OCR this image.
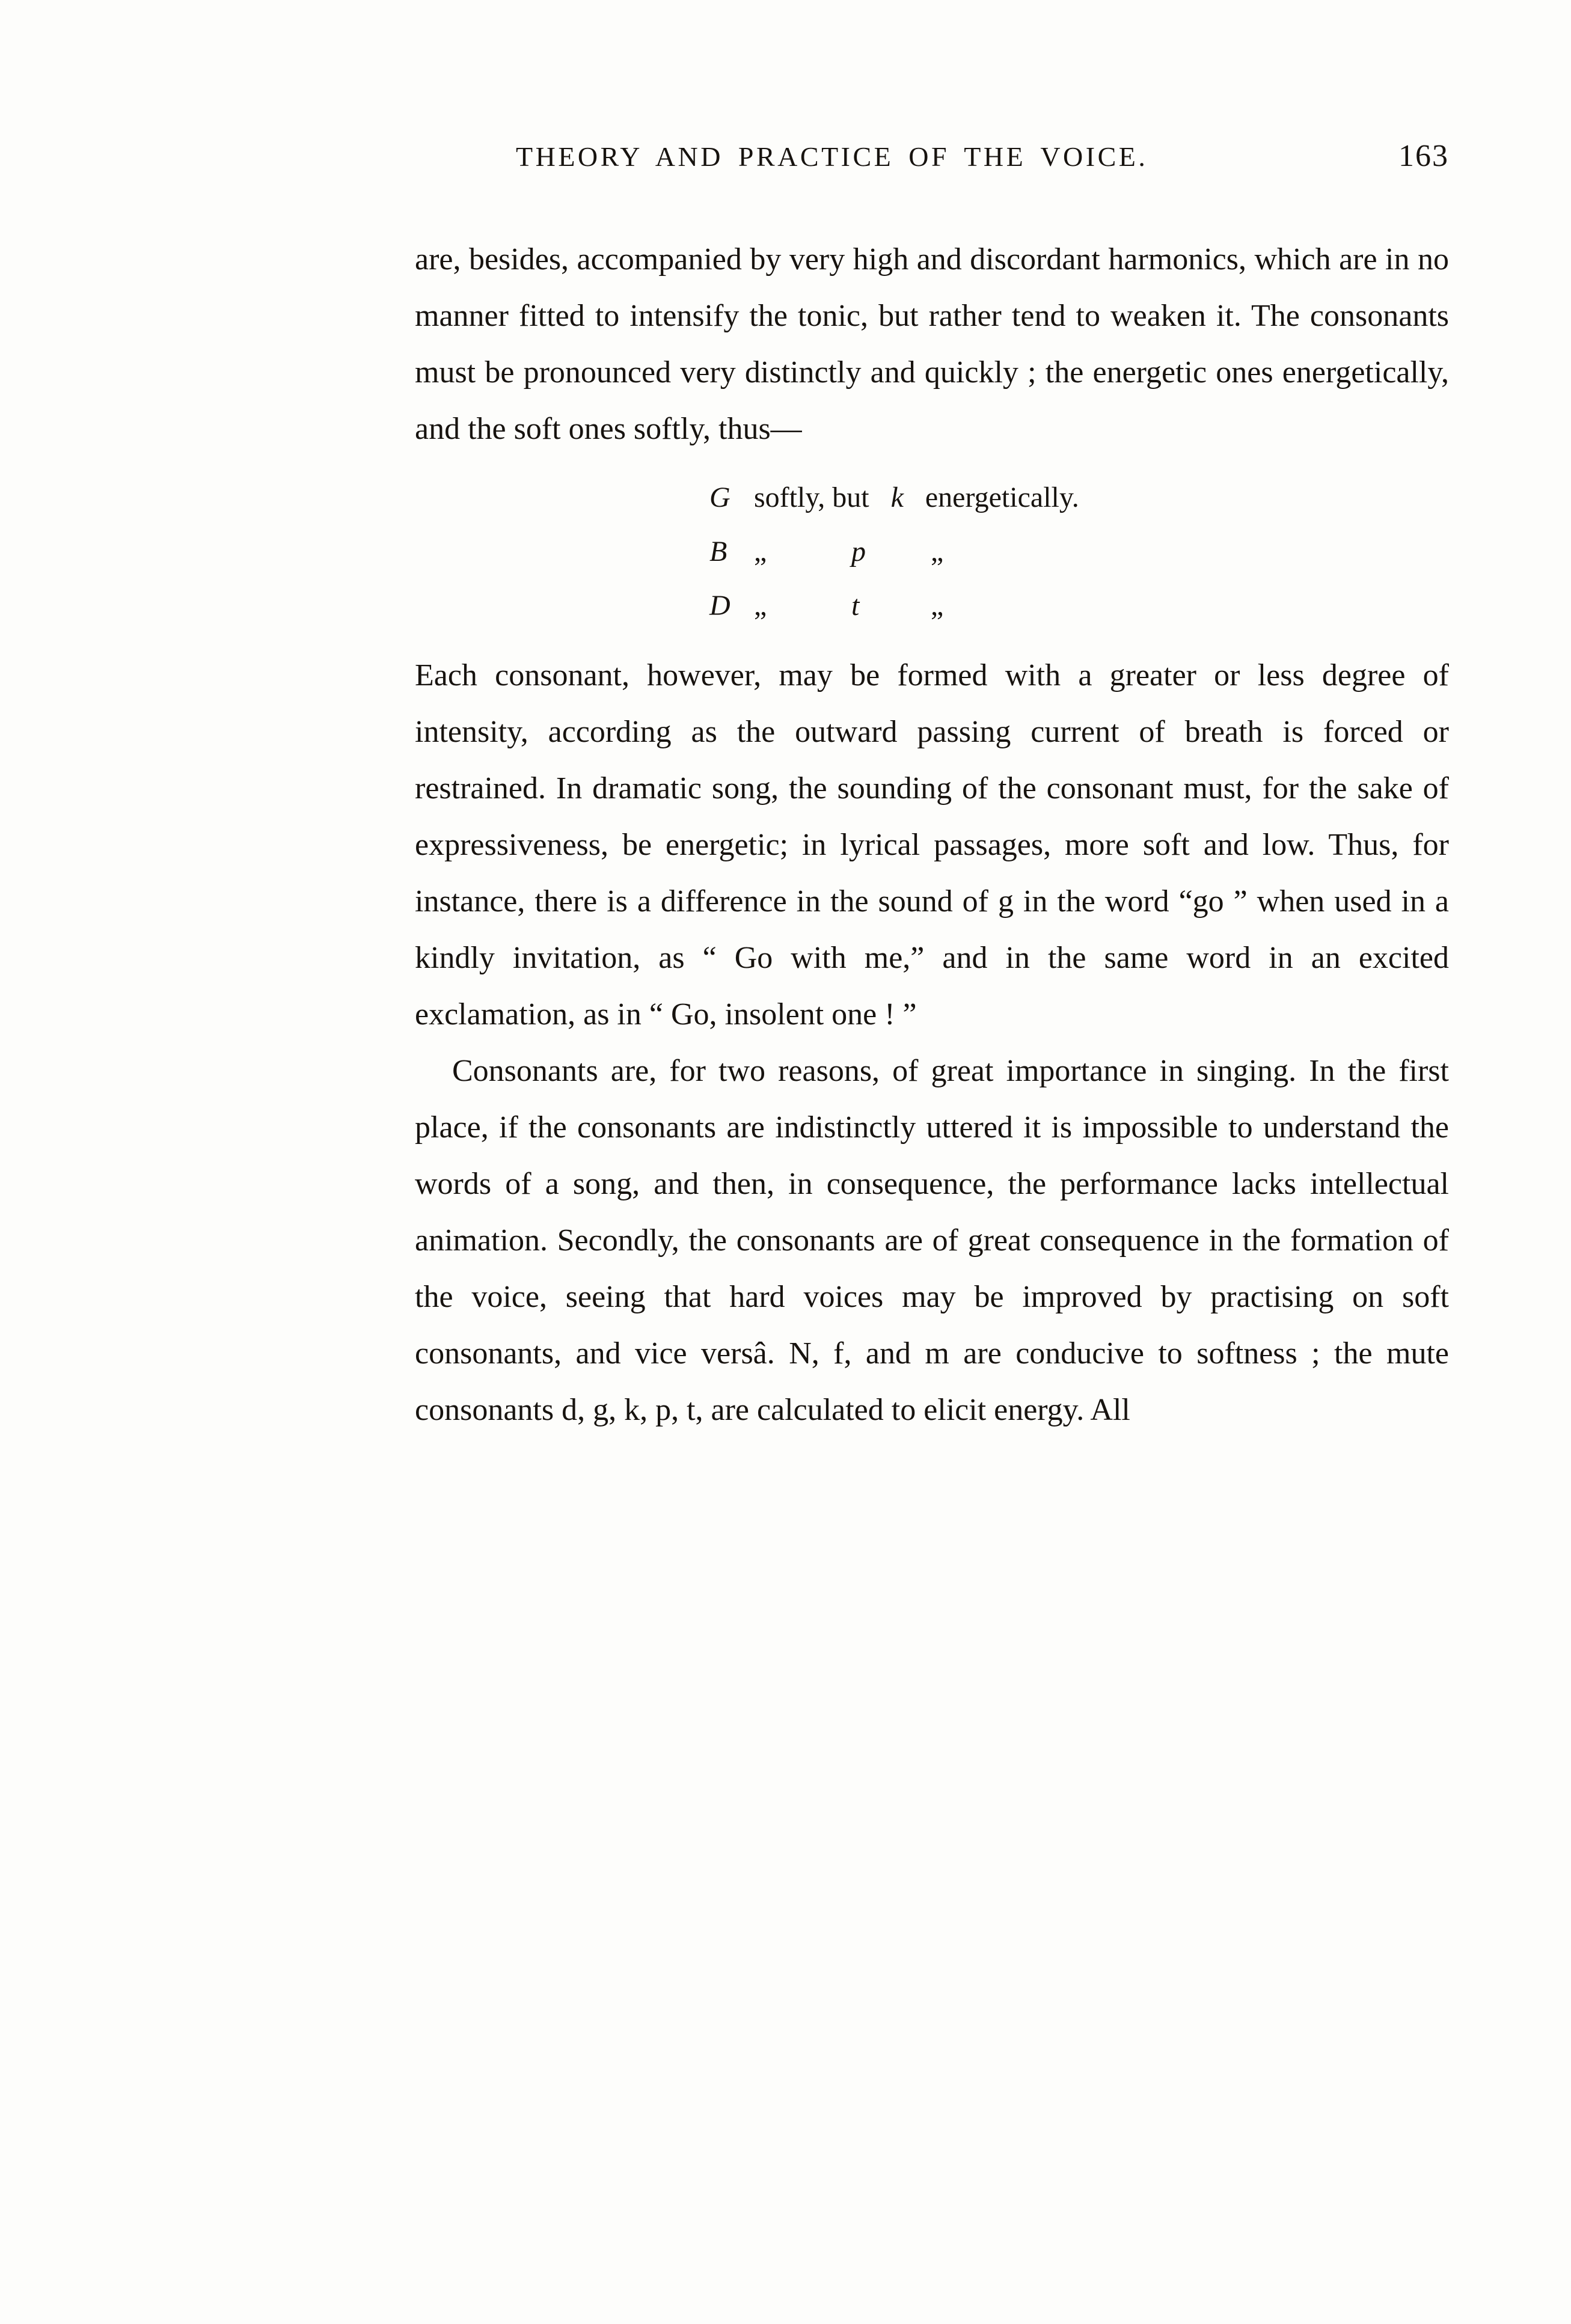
THEORY AND PRACTICE OF THE VOICE.	163

are, besides, accompanied by very high and discordant harmonics, which are in no manner fitted to intensify the tonic, but rather tend to weaken it. The consonants must be pronounced very distinctly and quickly ; the energetic ones energetically, and the soft ones softly, thus—

G softly, but k energetically.
B „	p „
D „	t „

Each consonant, however, may be formed with a greater or less degree of intensity, according as the outward passing current of breath is forced or restrained. In dramatic song, the sounding of the consonant must, for the sake of expressiveness, be energetic; in lyrical passages, more soft and low. Thus, for instance, there is a difference in the sound of g in the word “go ” when used in a kindly invitation, as “ Go with me,” and in the same word in an excited exclamation, as in “ Go, insolent one ! ”

Consonants are, for two reasons, of great importance in singing. In the first place, if the consonants are indistinctly uttered it is impossible to understand the words of a song, and then, in consequence, the performance lacks intellectual animation. Secondly, the consonants are of great consequence in the formation of the voice, seeing that hard voices may be improved by practising on soft consonants, and vice versâ. N, f, and m are conducive to softness ; the mute consonants d, g, k, p, t, are calculated to elicit energy. All
